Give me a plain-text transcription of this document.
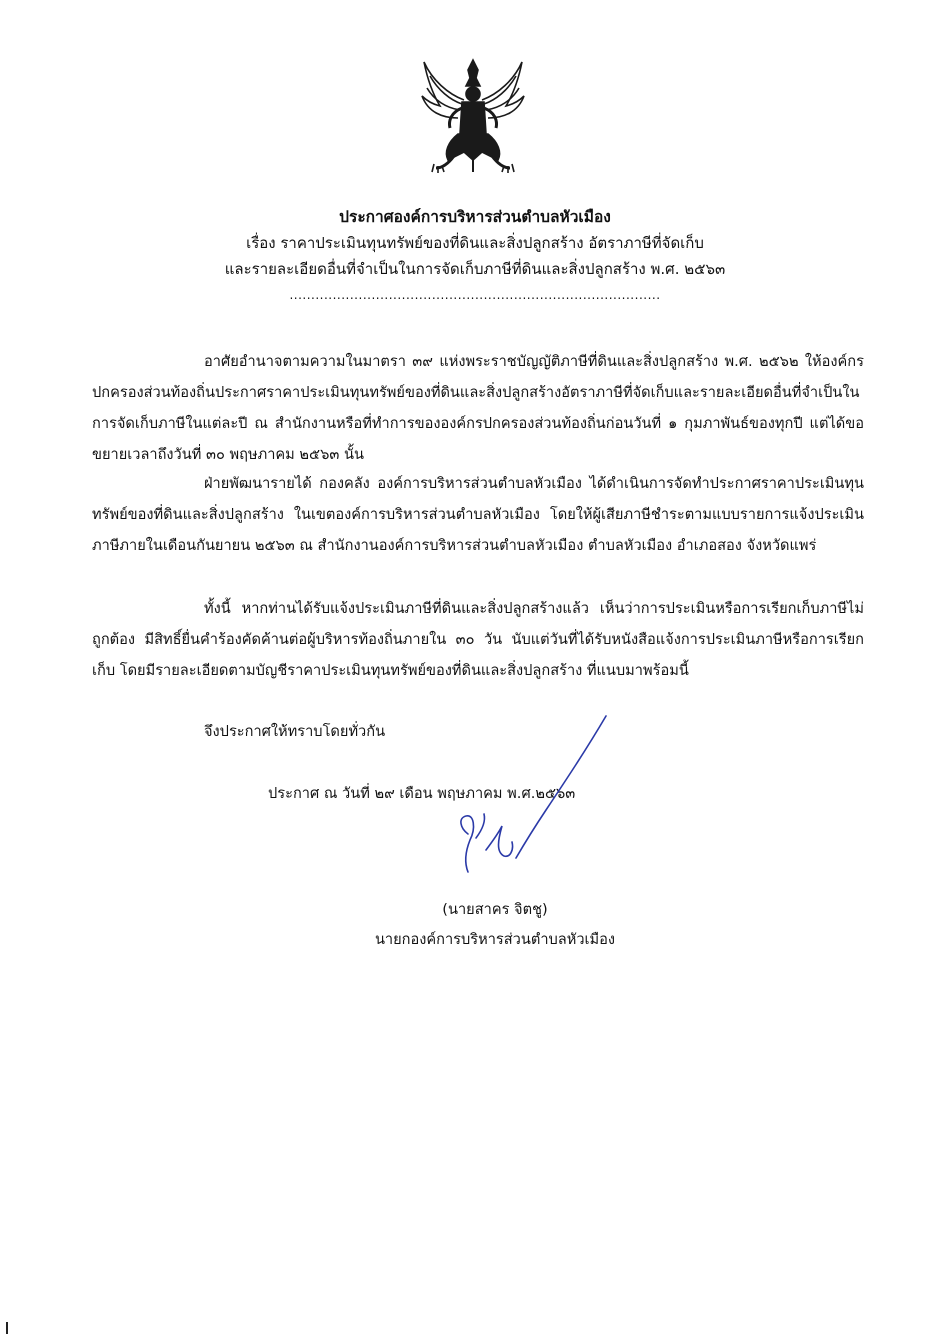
ประกาศองค์การบริหารส่วนตำบลหัวเมือง
เรื่อง ราคาประเมินทุนทรัพย์ของที่ดินและสิ่งปลูกสร้าง อัตราภาษีที่จัดเก็บ
และรายละเอียดอื่นที่จำเป็นในการจัดเก็บภาษีที่ดินและสิ่งปลูกสร้าง พ.ศ. ๒๕๖๓
......................................................................................

อาศัยอำนาจตามความในมาตรา ๓๙ แห่งพระราชบัญญัติภาษีที่ดินและสิ่งปลูกสร้าง พ.ศ. ๒๕๖๒ ให้องค์กรปกครองส่วนท้องถิ่นประกาศราคาประเมินทุนทรัพย์ของที่ดินและสิ่งปลูกสร้างอัตราภาษีที่จัดเก็บและรายละเอียดอื่นที่จำเป็นในการจัดเก็บภาษีในแต่ละปี ณ สำนักงานหรือที่ทำการขององค์กรปกครองส่วนท้องถิ่นก่อนวันที่ ๑ กุมภาพันธ์ของทุกปี แต่ได้ขอขยายเวลาถึงวันที่ ๓๐ พฤษภาคม ๒๕๖๓ นั้น

ฝ่ายพัฒนารายได้ กองคลัง องค์การบริหารส่วนตำบลหัวเมือง ได้ดำเนินการจัดทำประกาศราคาประเมินทุนทรัพย์ของที่ดินและสิ่งปลูกสร้าง ในเขตองค์การบริหารส่วนตำบลหัวเมือง โดยให้ผู้เสียภาษีชำระตามแบบรายการแจ้งประเมินภาษีภายในเดือนกันยายน ๒๕๖๓ ณ สำนักงานองค์การบริหารส่วนตำบลหัวเมือง ตำบลหัวเมือง อำเภอสอง จังหวัดแพร่

ทั้งนี้ หากท่านได้รับแจ้งประเมินภาษีที่ดินและสิ่งปลูกสร้างแล้ว เห็นว่าการประเมินหรือการเรียกเก็บภาษีไม่ถูกต้อง มีสิทธิ์ยื่นคำร้องคัดค้านต่อผู้บริหารท้องถิ่นภายใน ๓๐ วัน นับแต่วันที่ได้รับหนังสือแจ้งการประเมินภาษีหรือการเรียกเก็บ โดยมีรายละเอียดตามบัญชีราคาประเมินทุนทรัพย์ของที่ดินและสิ่งปลูกสร้าง ที่แนบมาพร้อมนี้

จึงประกาศให้ทราบโดยทั่วกัน
ประกาศ ณ วันที่ ๒๙ เดือน พฤษภาคม พ.ศ.๒๕๖๓
(นายสาคร จิตชู)
นายกองค์การบริหารส่วนตำบลหัวเมือง
